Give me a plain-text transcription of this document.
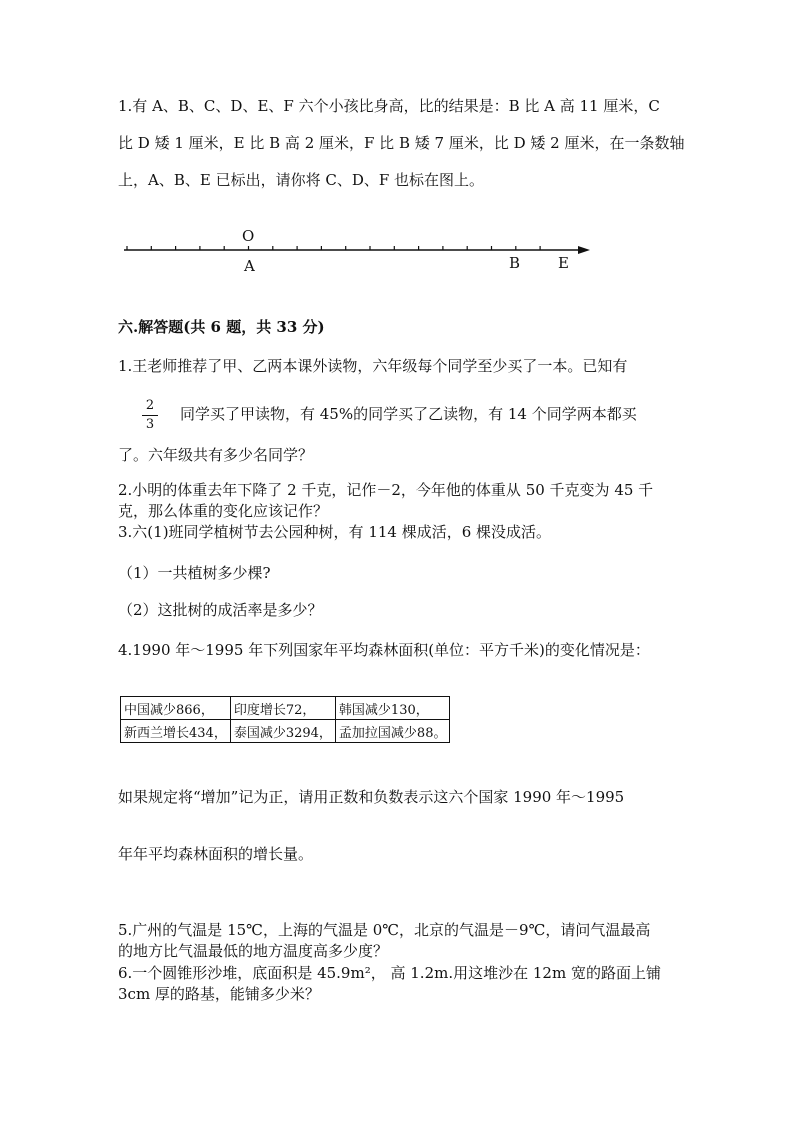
1.有 A、B、C、D、E、F 六个小孩比身高，比的结果是：B 比 A 高 11 厘米，C

比 D 矮 1 厘米，E 比 B 高 2 厘米，F 比 B 矮 7 厘米，比 D 矮 2 厘米，在一条数轴

上，A、B、E 已标出，请你将 C、D、F 也标在图上。

O
A	B	E

六.解答题(共 6 题，共 33 分)

1.王老师推荐了甲、乙两本课外读物，六年级每个同学至少买了一本。已知有

2
3

同学买了甲读物，有 45%的同学买了乙读物，有 14 个同学两本都买

了。六年级共有多少名同学？

2.小明的体重去年下降了 2 千克，记作－2，今年他的体重从 50 千克变为 45 千

克，那么体重的变化应该记作？

3.六(1)班同学植树节去公园种树，有 114 棵成活，6 棵没成活。

（1）一共植树多少棵?

（2）这批树的成活率是多少？

4.1990 年～1995 年下列国家年平均森林面积(单位：平方千米)的变化情况是：

中国减少866，	印度增长72，	韩国减少130，
新西兰增长434，	泰国减少3294，	孟加拉国减少88。

如果规定将“增加”记为正，请用正数和负数表示这六个国家 1990 年～1995

年年平均森林面积的增长量。

5.广州的气温是 15℃，上海的气温是 0℃，北京的气温是－9℃，请问气温最高

的地方比气温最低的地方温度高多少度？

6.一个圆锥形沙堆，底面积是 45.9m²， 高 1.2m.用这堆沙在 12m 宽的路面上铺

3cm 厚的路基，能铺多少米？
